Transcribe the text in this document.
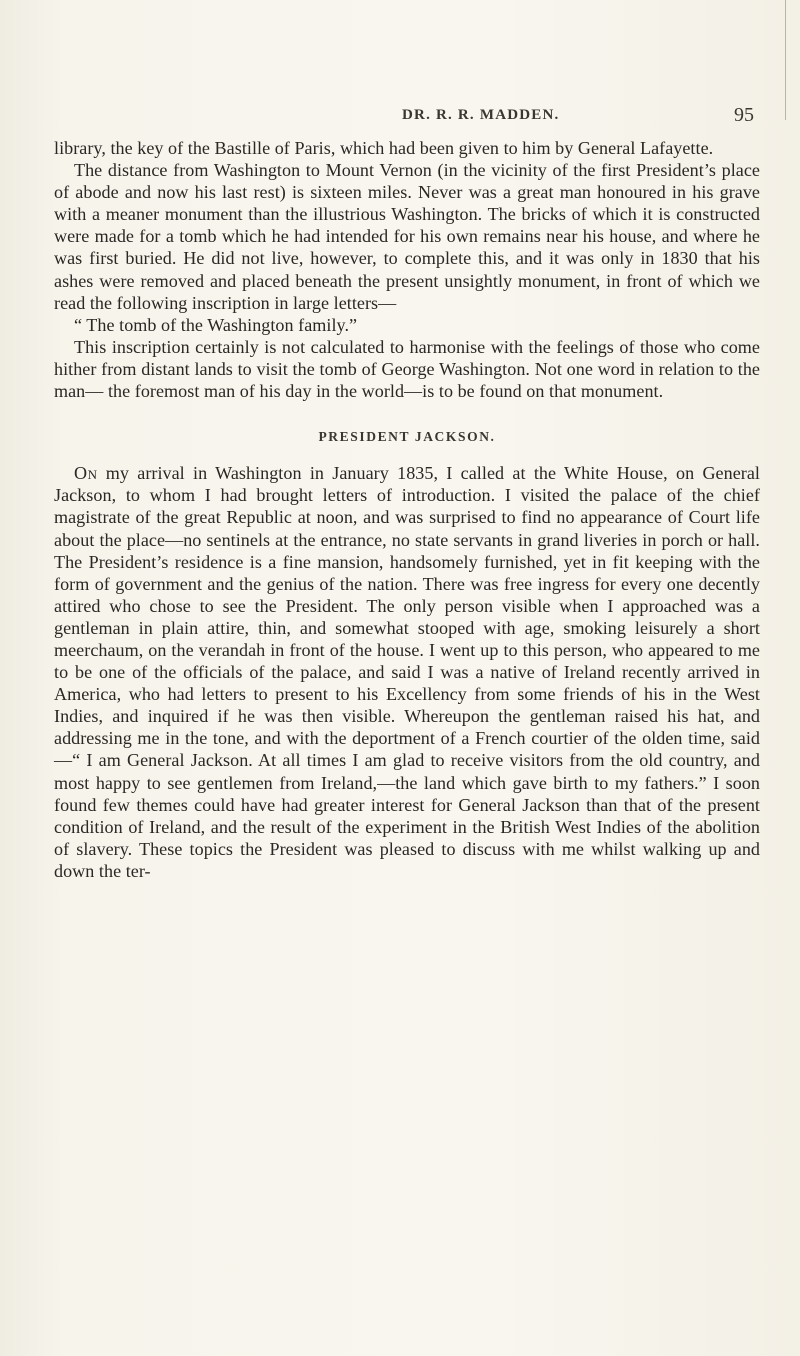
DR. R. R. MADDEN.	95

library, the key of the Bastille of Paris, which had been given to him by General Lafayette.

The distance from Washington to Mount Vernon (in the vicinity of the first President’s place of abode and now his last rest) is sixteen miles. Never was a great man honoured in his grave with a meaner monument than the illustrious Washington. The bricks of which it is constructed were made for a tomb which he had intended for his own remains near his house, and where he was first buried. He did not live, however, to complete this, and it was only in 1830 that his ashes were removed and placed beneath the present unsightly monument, in front of which we read the following inscription in large letters—

“ The tomb of the Washington family.”

This inscription certainly is not calculated to harmonise with the feelings of those who come hither from distant lands to visit the tomb of George Washington. Not one word in relation to the man— the foremost man of his day in the world—is to be found on that monument.

PRESIDENT JACKSON.

On my arrival in Washington in January 1835, I called at the White House, on General Jackson, to whom I had brought letters of introduction. I visited the palace of the chief magistrate of the great Republic at noon, and was surprised to find no appearance of Court life about the place—no sentinels at the entrance, no state servants in grand liveries in porch or hall. The President’s residence is a fine mansion, handsomely furnished, yet in fit keeping with the form of government and the genius of the nation. There was free ingress for every one decently attired who chose to see the President. The only person visible when I approached was a gentleman in plain attire, thin, and somewhat stooped with age, smoking leisurely a short meerchaum, on the verandah in front of the house. I went up to this person, who appeared to me to be one of the officials of the palace, and said I was a native of Ireland recently arrived in America, who had letters to present to his Excellency from some friends of his in the West Indies, and inquired if he was then visible. Whereupon the gentleman raised his hat, and addressing me in the tone, and with the deportment of a French courtier of the olden time, said—“ I am General Jackson. At all times I am glad to receive visitors from the old country, and most happy to see gentlemen from Ireland,—the land which gave birth to my fathers.” I soon found few themes could have had greater interest for General Jackson than that of the present condition of Ireland, and the result of the experiment in the British West Indies of the abolition of slavery. These topics the President was pleased to discuss with me whilst walking up and down the ter-
